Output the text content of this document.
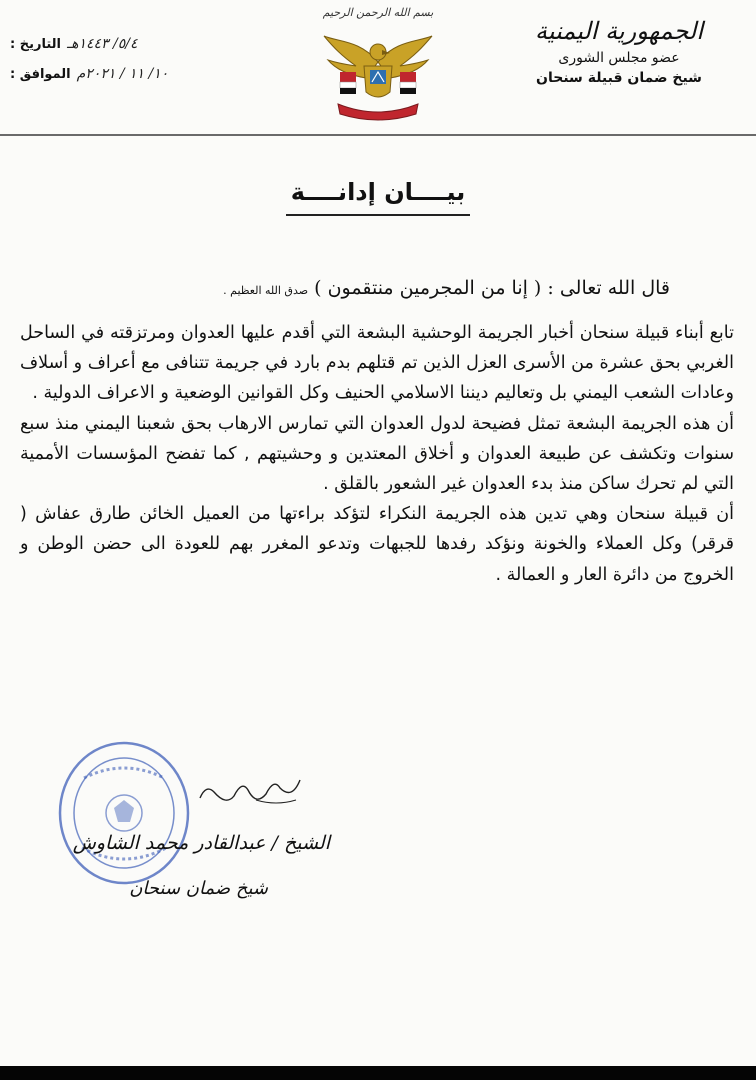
الجمهورية اليمنية
عضو مجلس الشورى
شيخ ضمان قبيلة سنحان
بسم الله الرحمن الرحيم
التاريخ : ٥/٤/ ١٤٤٣هـ
الموافق : ١٠/ ١١ / ٢٠٢١م
بيــــان إدانــــة
قال الله تعالى : ( إنا من المجرمين منتقمون ) صدق الله العظيم .

تابع أبناء قبيلة سنحان أخبار الجريمة الوحشية البشعة التي أقدم عليها العدوان ومرتزقته في الساحل الغربي بحق عشرة من الأسرى العزل الذين تم قتلهم بدم بارد في جريمة تتنافى مع أعراف و أسلاف وعادات الشعب اليمني بل وتعاليم ديننا الاسلامي الحنيف وكل القوانين الوضعية و الاعراف الدولية .

أن هذه الجريمة البشعة تمثل فضيحة لدول العدوان التي تمارس الارهاب بحق شعبنا اليمني منذ سبع سنوات وتكشف عن طبيعة العدوان و أخلاق المعتدين و وحشيتهم , كما تفضح المؤسسات الأممية التي لم تحرك ساكن منذ بدء العدوان غير الشعور بالقلق .

أن قبيلة سنحان وهي تدين هذه الجريمة النكراء لتؤكد براءتها من العميل الخائن طارق عفاش ( قرقر) وكل العملاء والخونة ونؤكد رفدها للجبهات وتدعو المغرر بهم للعودة الى حضن الوطن و الخروج من دائرة العار و العمالة .

الشيخ / عبدالقادر محمد الشاوش
شيخ ضمان سنحان
